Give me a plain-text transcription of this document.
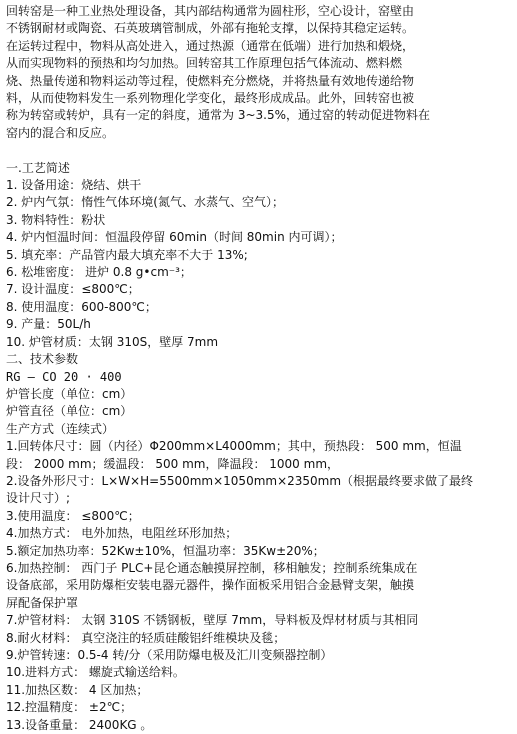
回转窑是一种工业热处理设备，其内部结构通常为圆柱形，空心设计，窑壁由

不锈钢耐材或陶瓷、石英玻璃管制成，外部有拖轮支撑，以保持其稳定运转。

在运转过程中，物料从高处进入，通过热源（通常在低端）进行加热和煅烧，

从而实现物料的预热和均匀加热。回转窑其工作原理包括气体流动、燃料燃

烧、热量传递和物料运动等过程，使燃料充分燃烧，并将热量有效地传递给物

料，从而使物料发生一系列物理化学变化，最终形成成品。此外，回转窑也被

称为转窑或转炉，具有一定的斜度，通常为 3~3.5%，通过窑的转动促进物料在

窑内的混合和反应。

一.工艺简述
1. 设备用途：烧结、烘干
2. 炉内气氛：惰性气体环境(氮气、水蒸气、空气）；
3. 物料特性：粉状
4. 炉内恒温时间：恒温段停留 60min（时间 80min 内可调）；
5. 填充率：产品管内最大填充率不大于 13%;
6. 松堆密度： 进炉 0.8 g•cm⁻³；
7. 设计温度：≤800℃；
8. 使用温度：600-800℃；
9. 产量：50L/h
10. 炉管材质：太钢 310S，壁厚 7mm
二、技术参数
RG – CO 20 · 400
炉管长度（单位：cm）
炉管直径（单位：cm）
生产方式（连续式）
1.回转体尺寸：圆（内径）Φ200mm×L4000mm；其中，预热段： 500 mm，恒温
段： 2000 mm；缓温段： 500 mm，降温段： 1000 mm，
2.设备外形尺寸：L×W×H=5500mm×1050mm×2350mm（根据最终要求做了最终
设计尺寸）;
3.使用温度： ≤800℃；
4.加热方式： 电外加热，电阻丝环形加热；
5.额定加热功率：52Kw±10%，恒温功率：35Kw±20%；
6.加热控制： 西门子 PLC+昆仑通态触摸屏控制，移相触发；控制系统集成在
设备底部，采用防爆柜安装电器元器件，操作面板采用铝合金悬臂支架，触摸
屏配备保护罩
7.炉管材料： 太钢 310S 不锈钢板，壁厚 7mm，导料板及焊材材质与其相同
8.耐火材料： 真空浇注的轻质硅酸铝纤维模块及毯；
9.炉管转速：0.5-4 转/分（采用防爆电极及汇川变频器控制）
10.进料方式： 螺旋式输送给料。
11.加热区数： 4 区加热；
12.控温精度： ±2℃；
13.设备重量： 2400KG 。
